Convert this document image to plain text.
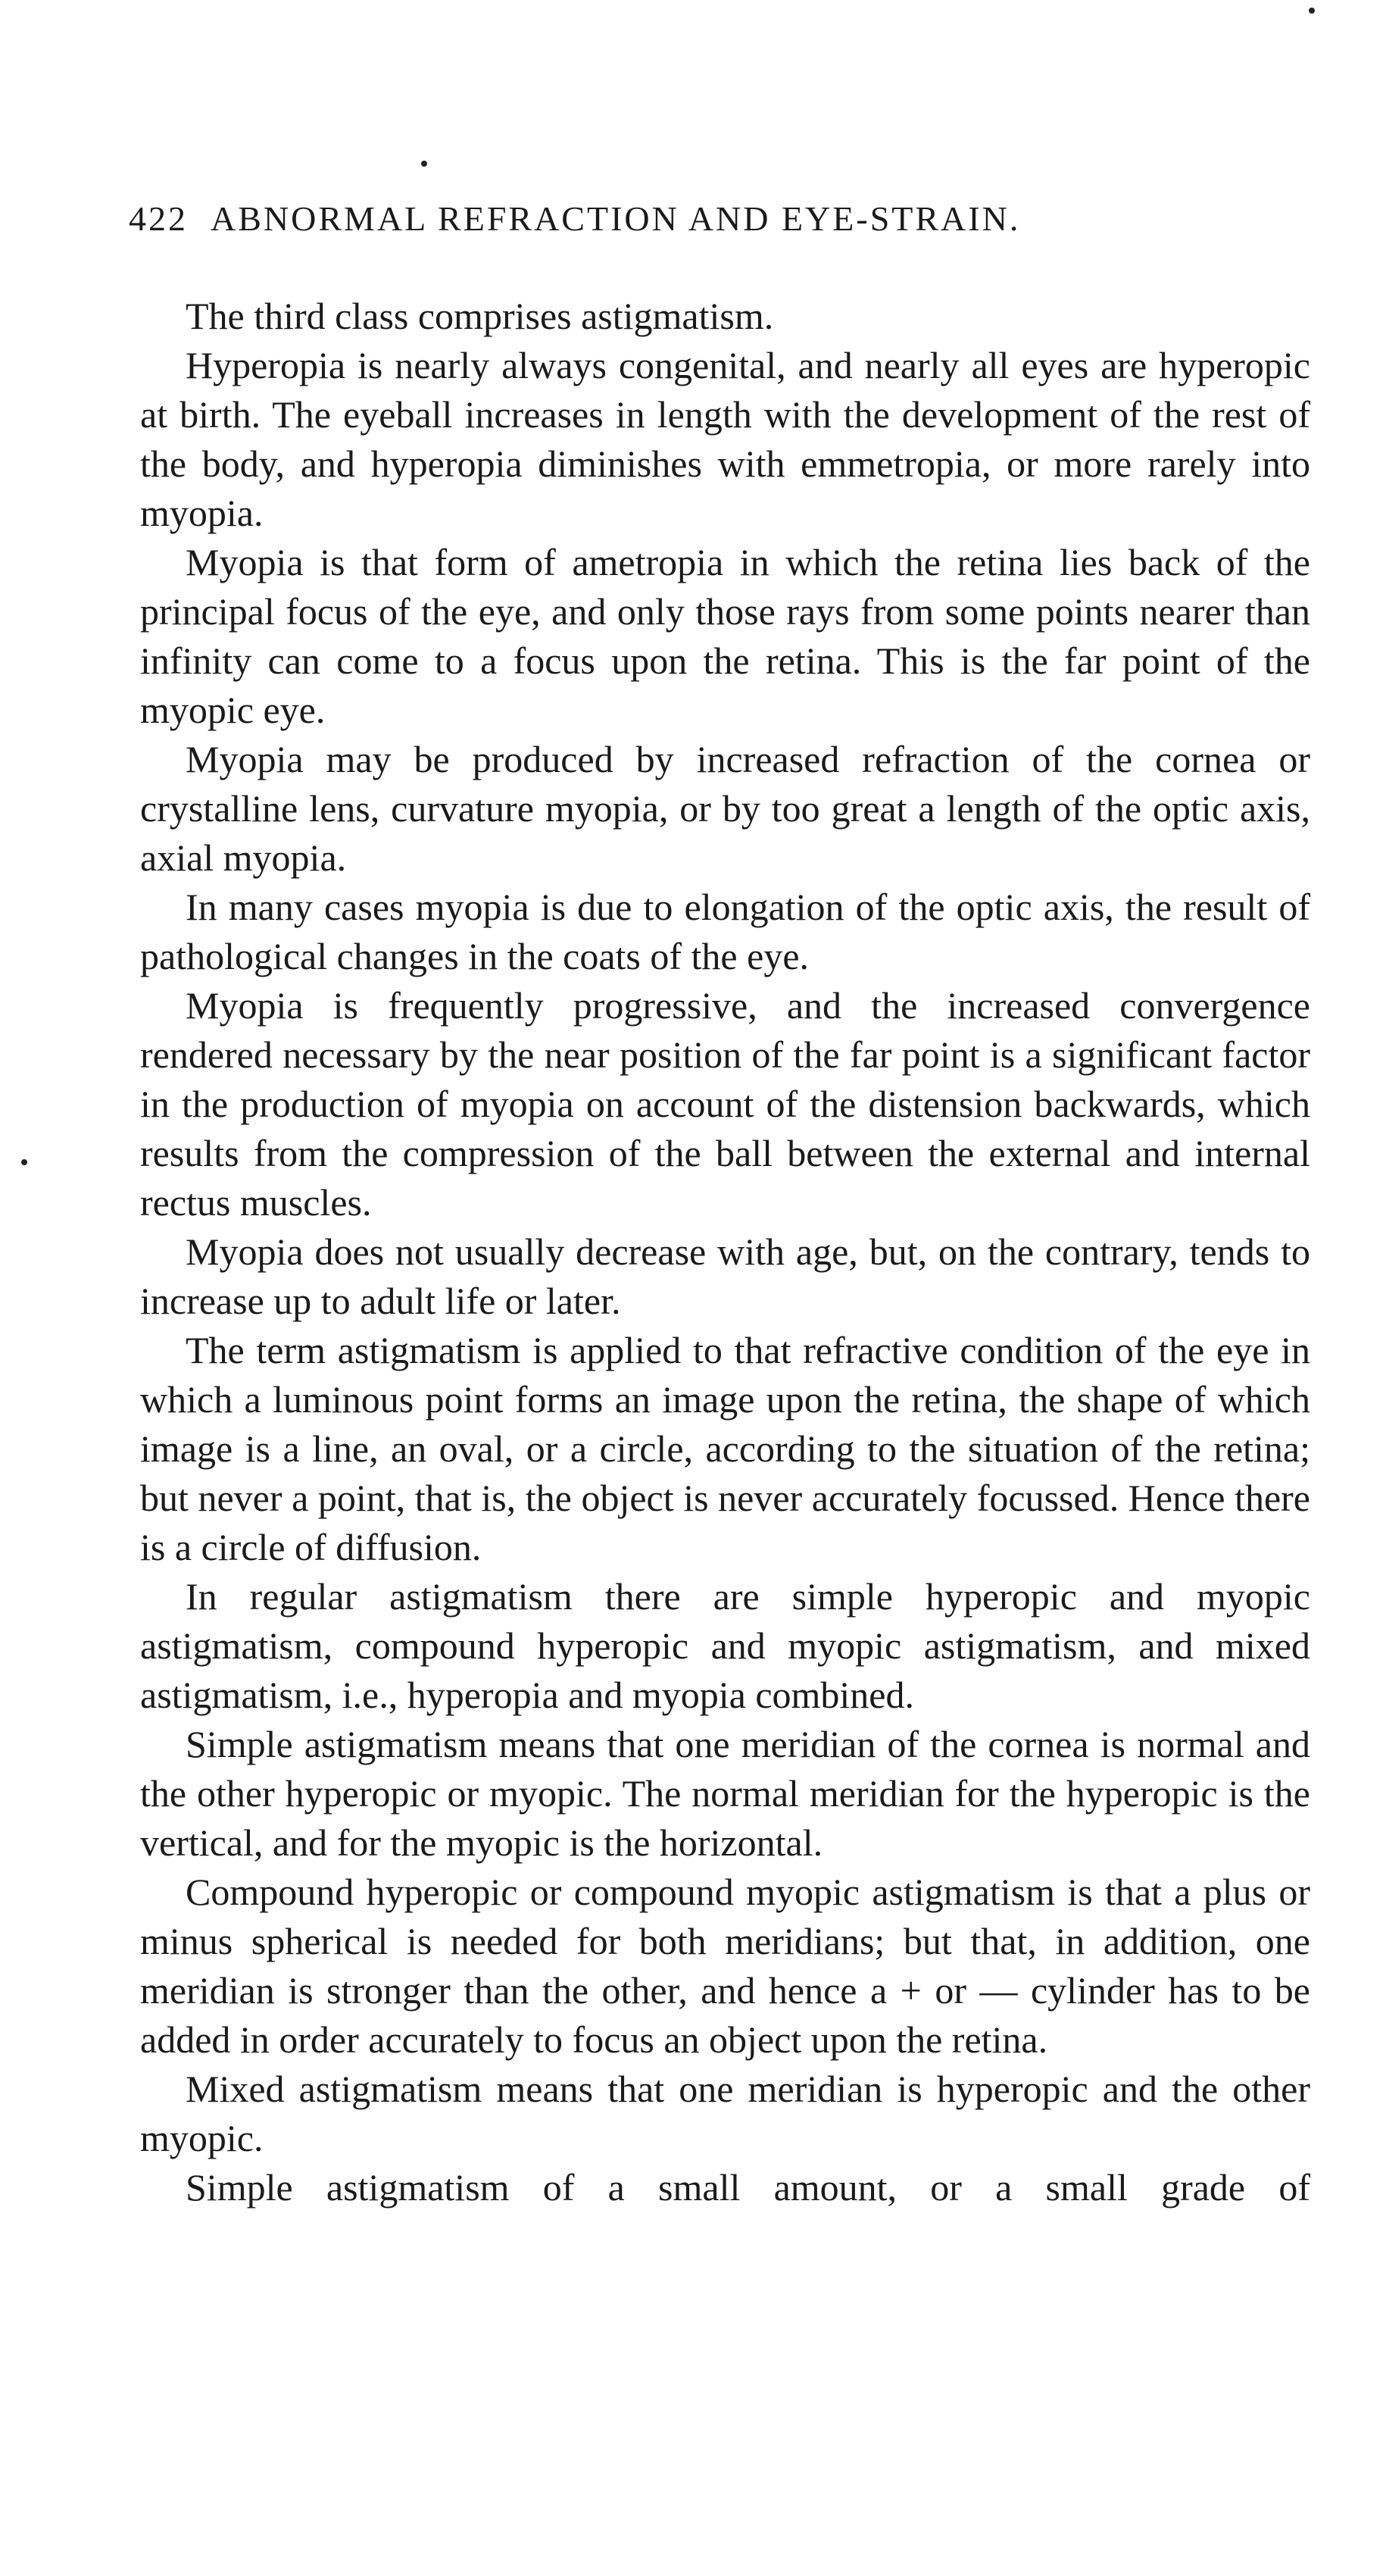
422 ABNORMAL REFRACTION AND EYE-STRAIN.

The third class comprises astigmatism.

Hyperopia is nearly always congenital, and nearly all eyes are hyperopic at birth. The eyeball increases in length with the development of the rest of the body, and hyperopia diminishes with emmetropia, or more rarely into myopia.

Myopia is that form of ametropia in which the retina lies back of the principal focus of the eye, and only those rays from some points nearer than infinity can come to a focus upon the retina. This is the far point of the myopic eye.

Myopia may be produced by increased refraction of the cornea or crystalline lens, curvature myopia, or by too great a length of the optic axis, axial myopia.

In many cases myopia is due to elongation of the optic axis, the result of pathological changes in the coats of the eye.

Myopia is frequently progressive, and the increased convergence rendered necessary by the near position of the far point is a significant factor in the production of myopia on account of the distension backwards, which results from the compression of the ball between the external and internal rectus muscles.

Myopia does not usually decrease with age, but, on the contrary, tends to increase up to adult life or later.

The term astigmatism is applied to that refractive condition of the eye in which a luminous point forms an image upon the retina, the shape of which image is a line, an oval, or a circle, according to the situation of the retina; but never a point, that is, the object is never accurately focussed. Hence there is a circle of diffusion.

In regular astigmatism there are simple hyperopic and myopic astigmatism, compound hyperopic and myopic astigmatism, and mixed astigmatism, i.e., hyperopia and myopia combined.

Simple astigmatism means that one meridian of the cornea is normal and the other hyperopic or myopic. The normal meridian for the hyperopic is the vertical, and for the myopic is the horizontal.

Compound hyperopic or compound myopic astigmatism is that a plus or minus spherical is needed for both meridians; but that, in addition, one meridian is stronger than the other, and hence a + or — cylinder has to be added in order accurately to focus an object upon the retina.

Mixed astigmatism means that one meridian is hyperopic and the other myopic.

Simple astigmatism of a small amount, or a small grade of
